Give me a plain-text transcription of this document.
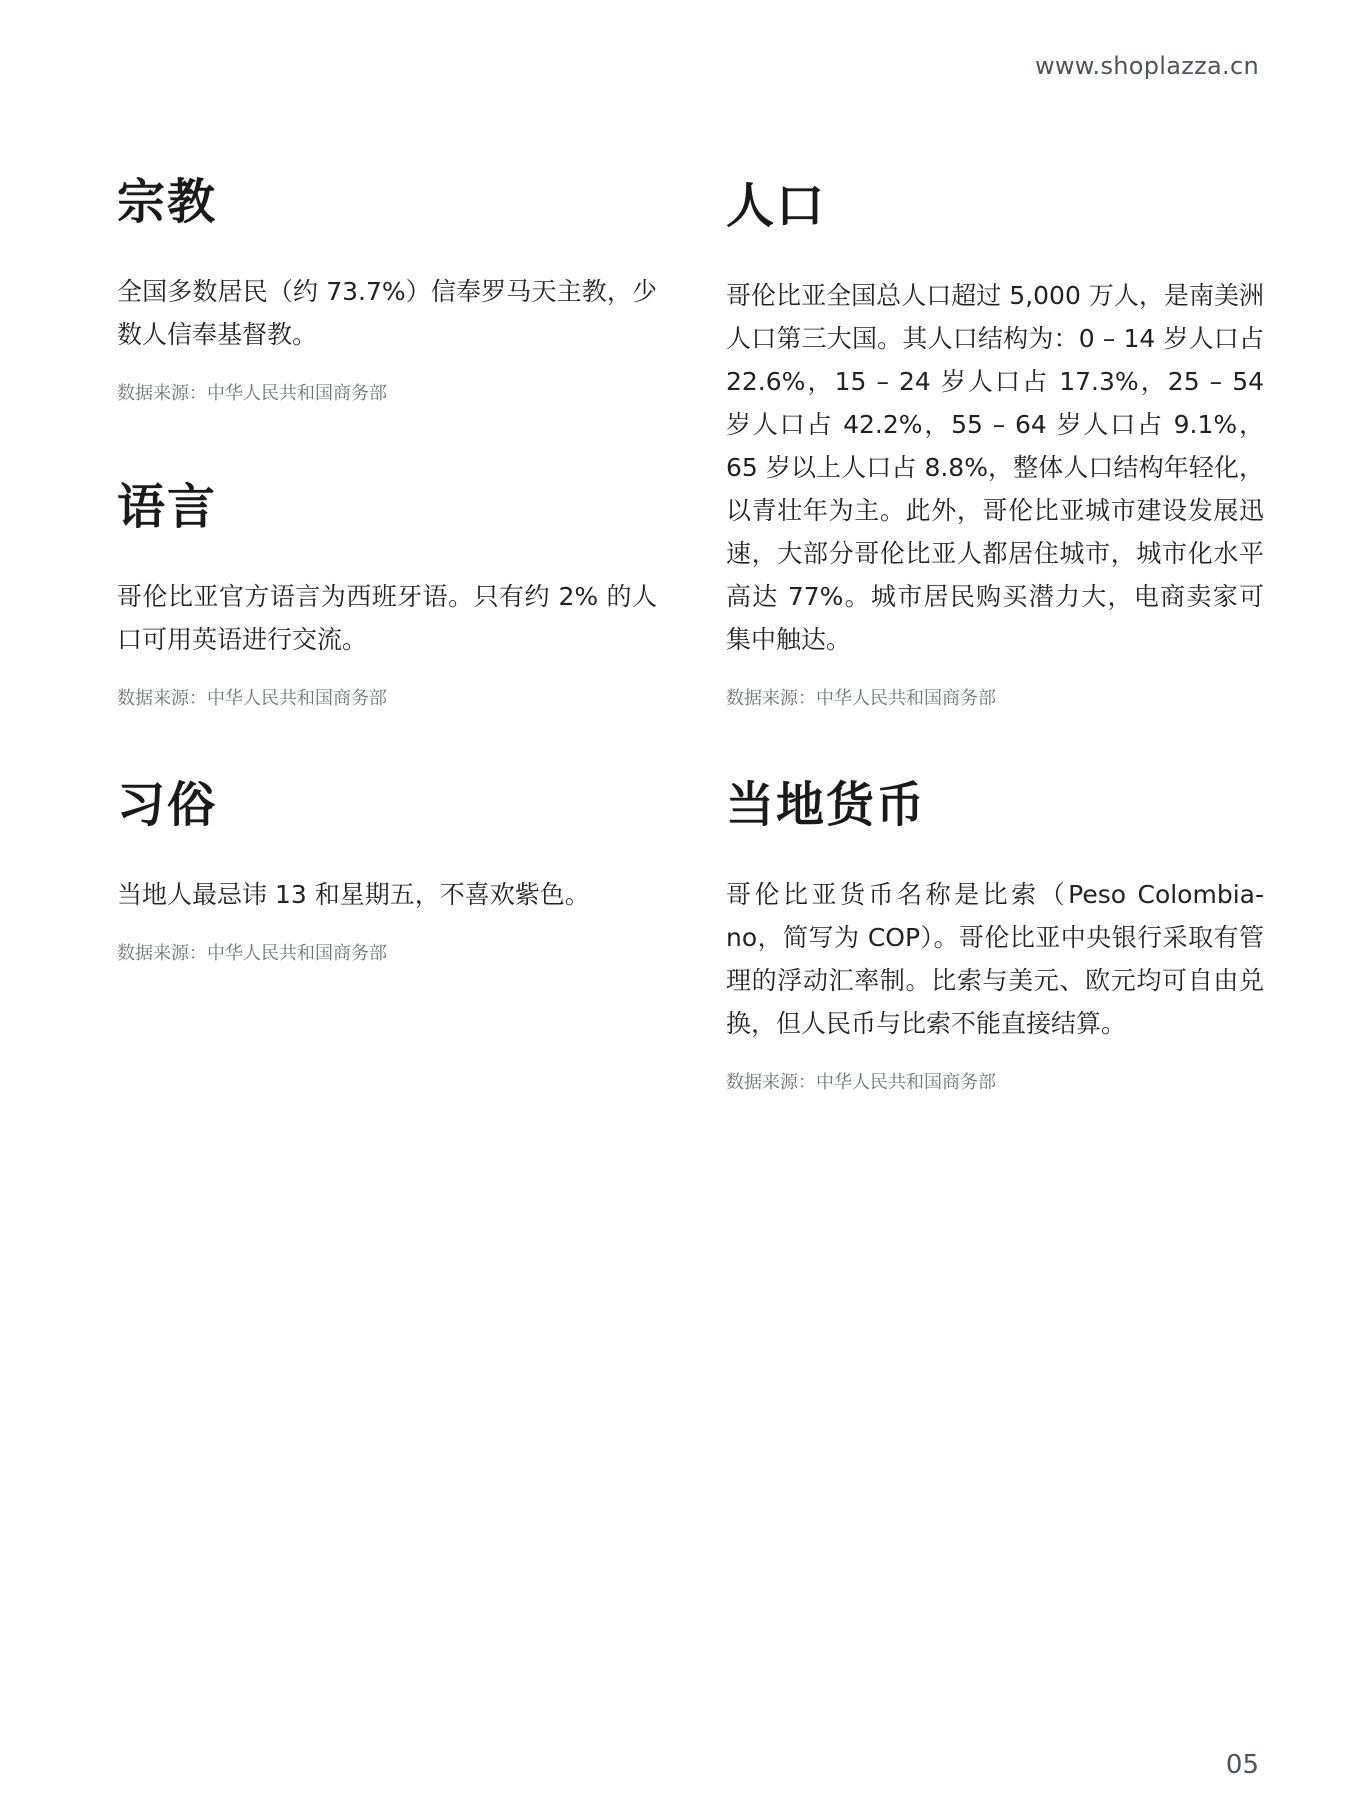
www.shoplazza.cn
宗教

全国多数居民（约 73.7%）信奉罗马天主教，少数人信奉基督教。

数据来源：中华人民共和国商务部

语言

哥伦比亚官方语言为西班牙语。只有约 2% 的人口可用英语进行交流。

数据来源：中华人民共和国商务部

习俗

当地人最忌讳 13 和星期五，不喜欢紫色。

数据来源：中华人民共和国商务部

人口

哥伦比亚全国总人口超过 5,000 万人，是南美洲人口第三大国。其人口结构为：0 – 14 岁人口占 22.6%，15 – 24 岁人口占 17.3%，25 – 54 岁人口占 42.2%，55 – 64 岁人口占 9.1%，65 岁以上人口占 8.8%，整体人口结构年轻化，以青壮年为主。此外，哥伦比亚城市建设发展迅速，大部分哥伦比亚人都居住城市，城市化水平高达 77%。城市居民购买潜力大，电商卖家可集中触达。

数据来源：中华人民共和国商务部

当地货币

哥伦比亚货币名称是比索（Peso Colombia-no，简写为 COP）。哥伦比亚中央银行采取有管理的浮动汇率制。比索与美元、欧元均可自由兑换，但人民币与比索不能直接结算。

数据来源：中华人民共和国商务部

05
